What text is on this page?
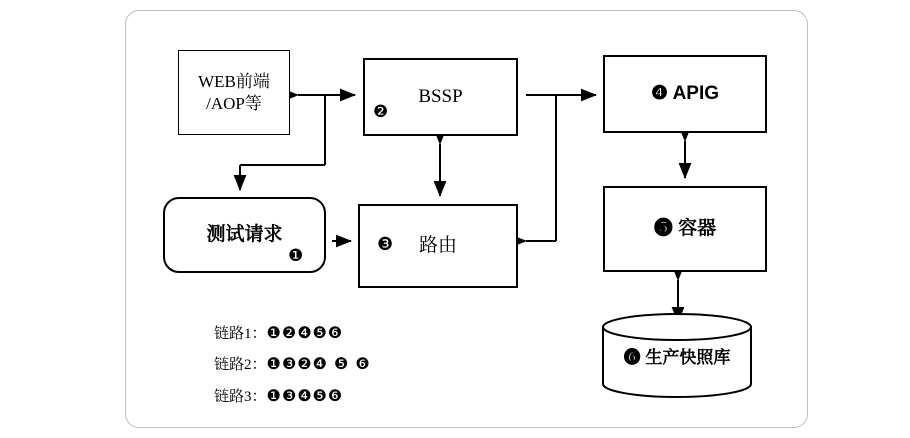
WEB前端
/AOP等	BSSP
❷
❹ APIG
测试请求
❶	路由
❸
❺ 容器
❻ 生产快照库
链路1：❶❷❹❺❻
链路2：❶❸❷❹ ❺ ❻
链路3：❶❸❹❺❻
